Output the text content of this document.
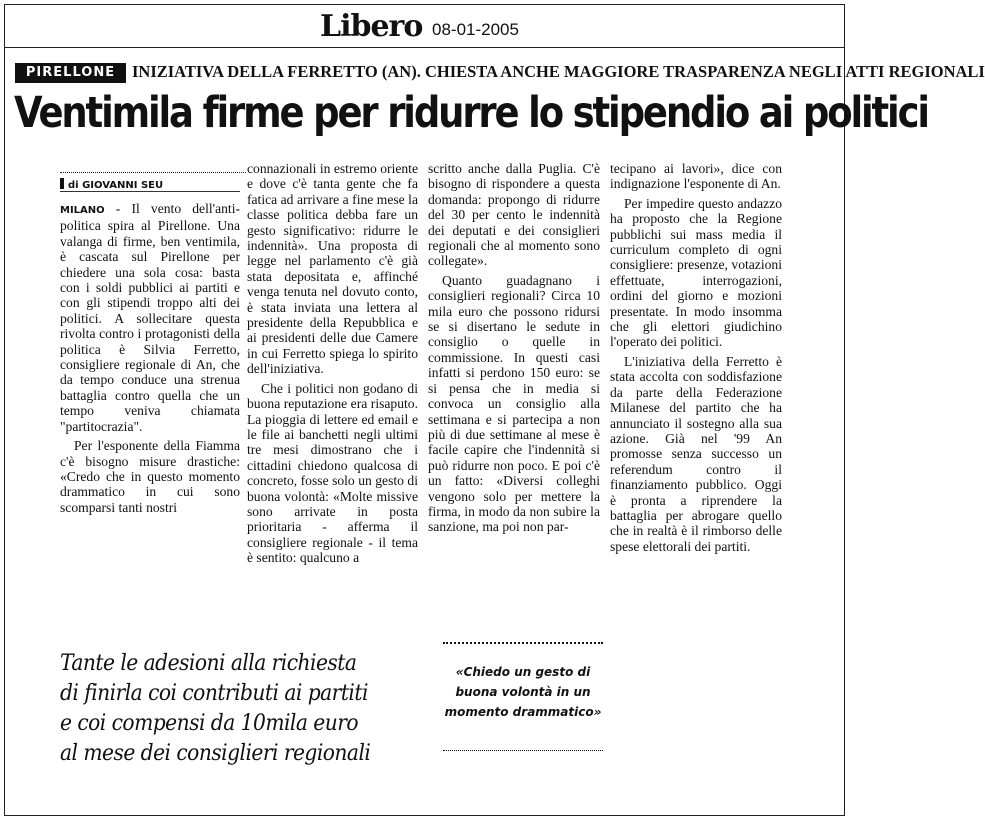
Libero 08-01-2005
PIRELLONE	INIZIATIVA DELLA FERRETTO (AN). CHIESTA ANCHE MAGGIORE TRASPARENZA NEGLI ATTI REGIONALI
Ventimila firme per ridurre lo stipendio ai politici
di GIOVANNI SEU

MILANO - Il vento dell'anti-politica spira al Pirellone. Una valanga di firme, ben ventimila, è cascata sul Pirellone per chiedere una sola cosa: basta con i soldi pubblici ai partiti e con gli stipendi troppo alti dei politici. A sollecitare questa rivolta contro i protagonisti della politica è Silvia Ferretto, consigliere regionale di An, che da tempo conduce una strenua battaglia contro quella che un tempo veniva chiamata "partitocrazia".

Per l'esponente della Fiamma c'è bisogno misure drastiche: «Credo che in questo momento drammatico in cui sono scomparsi tanti nostri

connazionali in estremo oriente e dove c'è tanta gente che fa fatica ad arrivare a fine mese la classe politica debba fare un gesto significativo: ridurre le indennità». Una proposta di legge nel parlamento c'è già stata depositata e, affinché venga tenuta nel dovuto conto, è stata inviata una lettera al presidente della Repubblica e ai presidenti delle due Camere in cui Ferretto spiega lo spirito dell'iniziativa.

Che i politici non godano di buona reputazione era risaputo. La pioggia di lettere ed email e le file ai banchetti negli ultimi tre mesi dimostrano che i cittadini chiedono qualcosa di concreto, fosse solo un gesto di buona volontà: «Molte missive sono arrivate in posta prioritaria - afferma il consigliere regionale - il tema è sentito: qualcuno a

scritto anche dalla Puglia. C'è bisogno di rispondere a questa domanda: propongo di ridurre del 30 per cento le indennità dei deputati e dei consiglieri regionali che al momento sono collegate».

Quanto guadagnano i consiglieri regionali? Circa 10 mila euro che possono ridursi se si disertano le sedute in consiglio o quelle in commissione. In questi casi infatti si perdono 150 euro: se si pensa che in media si convoca un consiglio alla settimana e si partecipa a non più di due settimane al mese è facile capire che l'indennità si può ridurre non poco. E poi c'è un fatto: «Diversi colleghi vengono solo per mettere la firma, in modo da non subire la sanzione, ma poi non par-

tecipano ai lavori», dice con indignazione l'esponente di An.

Per impedire questo andazzo ha proposto che la Regione pubblichi sui mass media il curriculum completo di ogni consigliere: presenze, votazioni effettuate, interrogazioni, ordini del giorno e mozioni presentate. In modo insomma che gli elettori giudichino l'operato dei politici.

L'iniziativa della Ferretto è stata accolta con soddisfazione da parte della Federazione Milanese del partito che ha annunciato il sostegno alla sua azione. Già nel '99 An promosse senza successo un referendum contro il finanziamento pubblico. Oggi è pronta a riprendere la battaglia per abrogare quello che in realtà è il rimborso delle spese elettorali dei partiti.

Tante le adesioni alla richiesta di finirla coi contributi ai partiti e coi compensi da 10mila euro al mese dei consiglieri regionali
«Chiedo un gesto di buona volontà in un momento drammatico»
